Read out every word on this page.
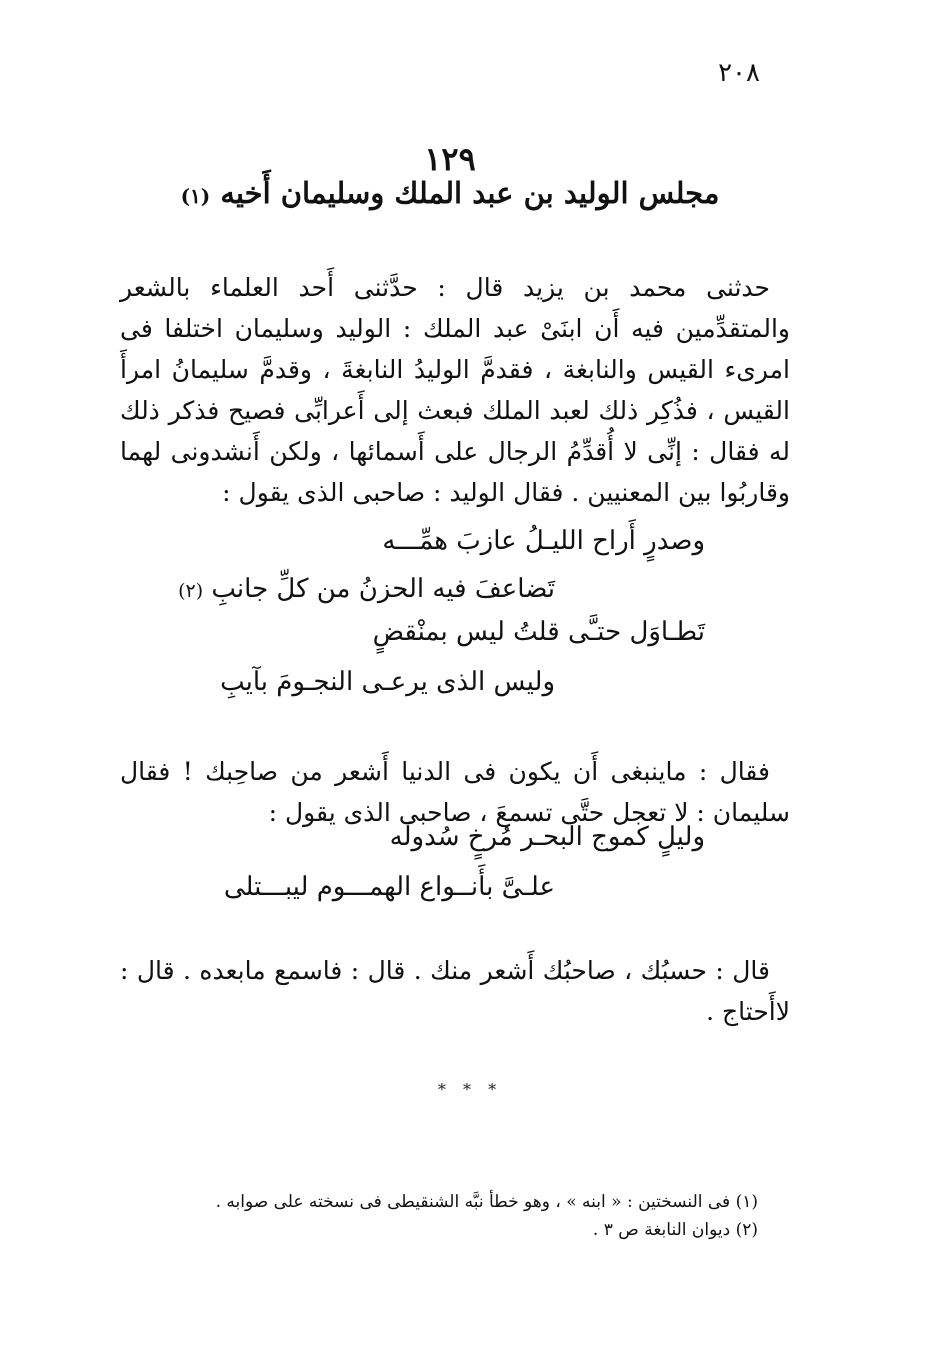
٢٠٨
١٢٩
مجلس الوليد بن عبد الملك وسليمان أَخيه (١)

حدثنى محمد بن يزيد قال : حدَّثنى أَحد العلماء بالشعر والمتقدِّمين فيه أَن ابنَىْ عبد الملك : الوليد وسليمان اختلفا فى امرىء القيس والنابغة ، فقدمَّ الوليدُ النابغةَ ، وقدمَّ سليمانُ امرأَ القيس ، فذُكِر ذلك لعبد الملك فبعث إلى أَعرابِّى فصيح فذكر ذلك له فقال : إنِّى لا أُقدِّمُ الرجال على أَسمائها ، ولكن أَنشدونى لهما وقاربُوا بين المعنيين . فقال الوليد : صاحبى الذى يقول :

وصدرٍ أَراح الليـلُ عازبَ همِّـــه
تَضاعفَ فيه الحزنُ من كلِّ جانبِ (٢)
تَطـاوَل حتـَّى قلتُ ليس بمنْقضٍ
وليس الذى يرعـى النجـومَ بآيبِ

فقال : ماينبغى أَن يكون فى الدنيا أَشعر من صاحِبك ! فقال سليمان : لا تعجل حتَّى تسمعَ ، صاحبى الذى يقول :

وليلٍ كموج البحـر مُرخٍ سُدولَه
علـىَّ بأَنــواع الهمـــوم ليبـــتلى

قال : حسبُك ، صاحبُك أَشعر منك . قال : فاسمع مابعده . قال : لاأَحتاج .

* * *
(١) فى النسختين : « ابنه » ، وهو خطأ نبَّه الشنقيطى فى نسخته على صوابه .
(٢) ديوان النابغة ص ٣ .
